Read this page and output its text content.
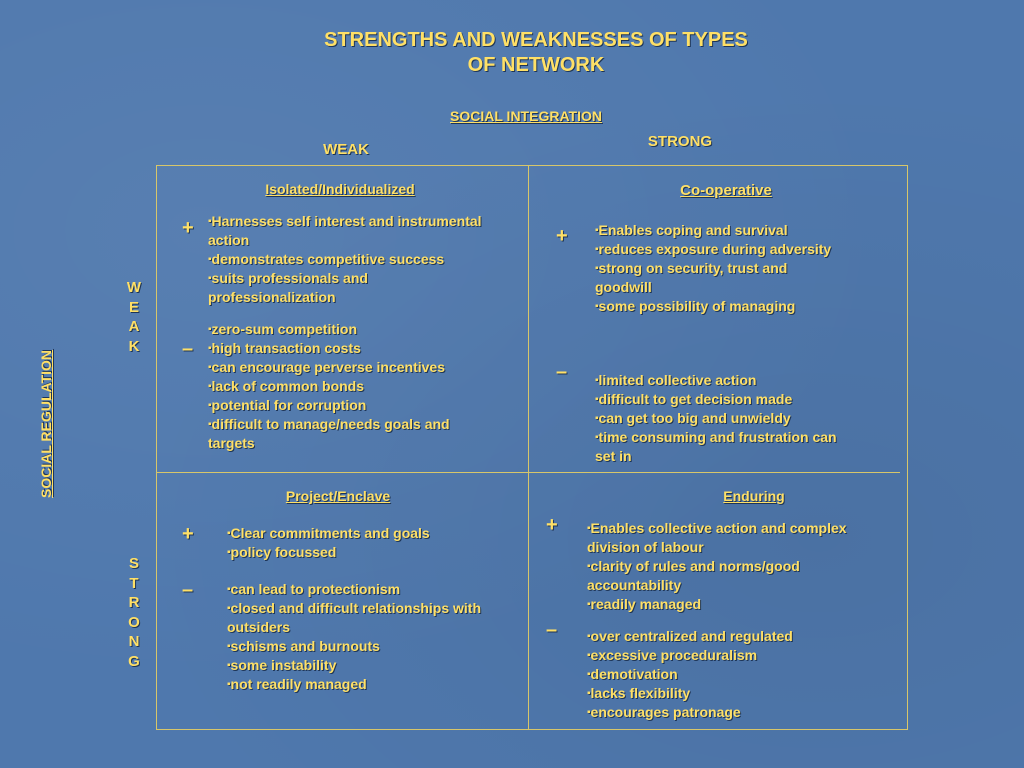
STRENGTHS AND WEAKNESSES OF TYPES
OF NETWORK
SOCIAL INTEGRATION
WEAK	STRONG
SOCIAL REGULATION
W
E
A
K
S
T
R
O
N
G
Isolated/Individualized
+ ▪ Harnesses self interest and instrumental action
▪ demonstrates competitive success
▪ suits professionals and professionalization
–
▪ zero-sum competition
▪ high transaction costs
▪ can encourage perverse incentives
▪ lack of common bonds
▪ potential for corruption
▪ difficult to manage/needs goals and targets
Co-operative
+ ▪ Enables coping and survival
▪ reduces exposure during adversity
▪ strong on security, trust and goodwill
▪ some possibility of managing
– ▪ limited collective action
▪ difficult to get decision made
▪ can get too big and unwieldy
▪ time consuming and frustration can set in
Project/Enclave
+	▪ Clear commitments and goals
▪ policy focussed
–	▪ can lead to protectionism
▪ closed and difficult relationships with outsiders
▪ schisms and burnouts
▪ some instability
▪ not readily managed
Enduring
+ ▪ Enables collective action and complex division of labour
▪ clarity of rules and norms/good accountability
▪ readily managed
– ▪ over centralized and regulated
▪ excessive proceduralism
▪ demotivation
▪ lacks flexibility
▪ encourages patronage
